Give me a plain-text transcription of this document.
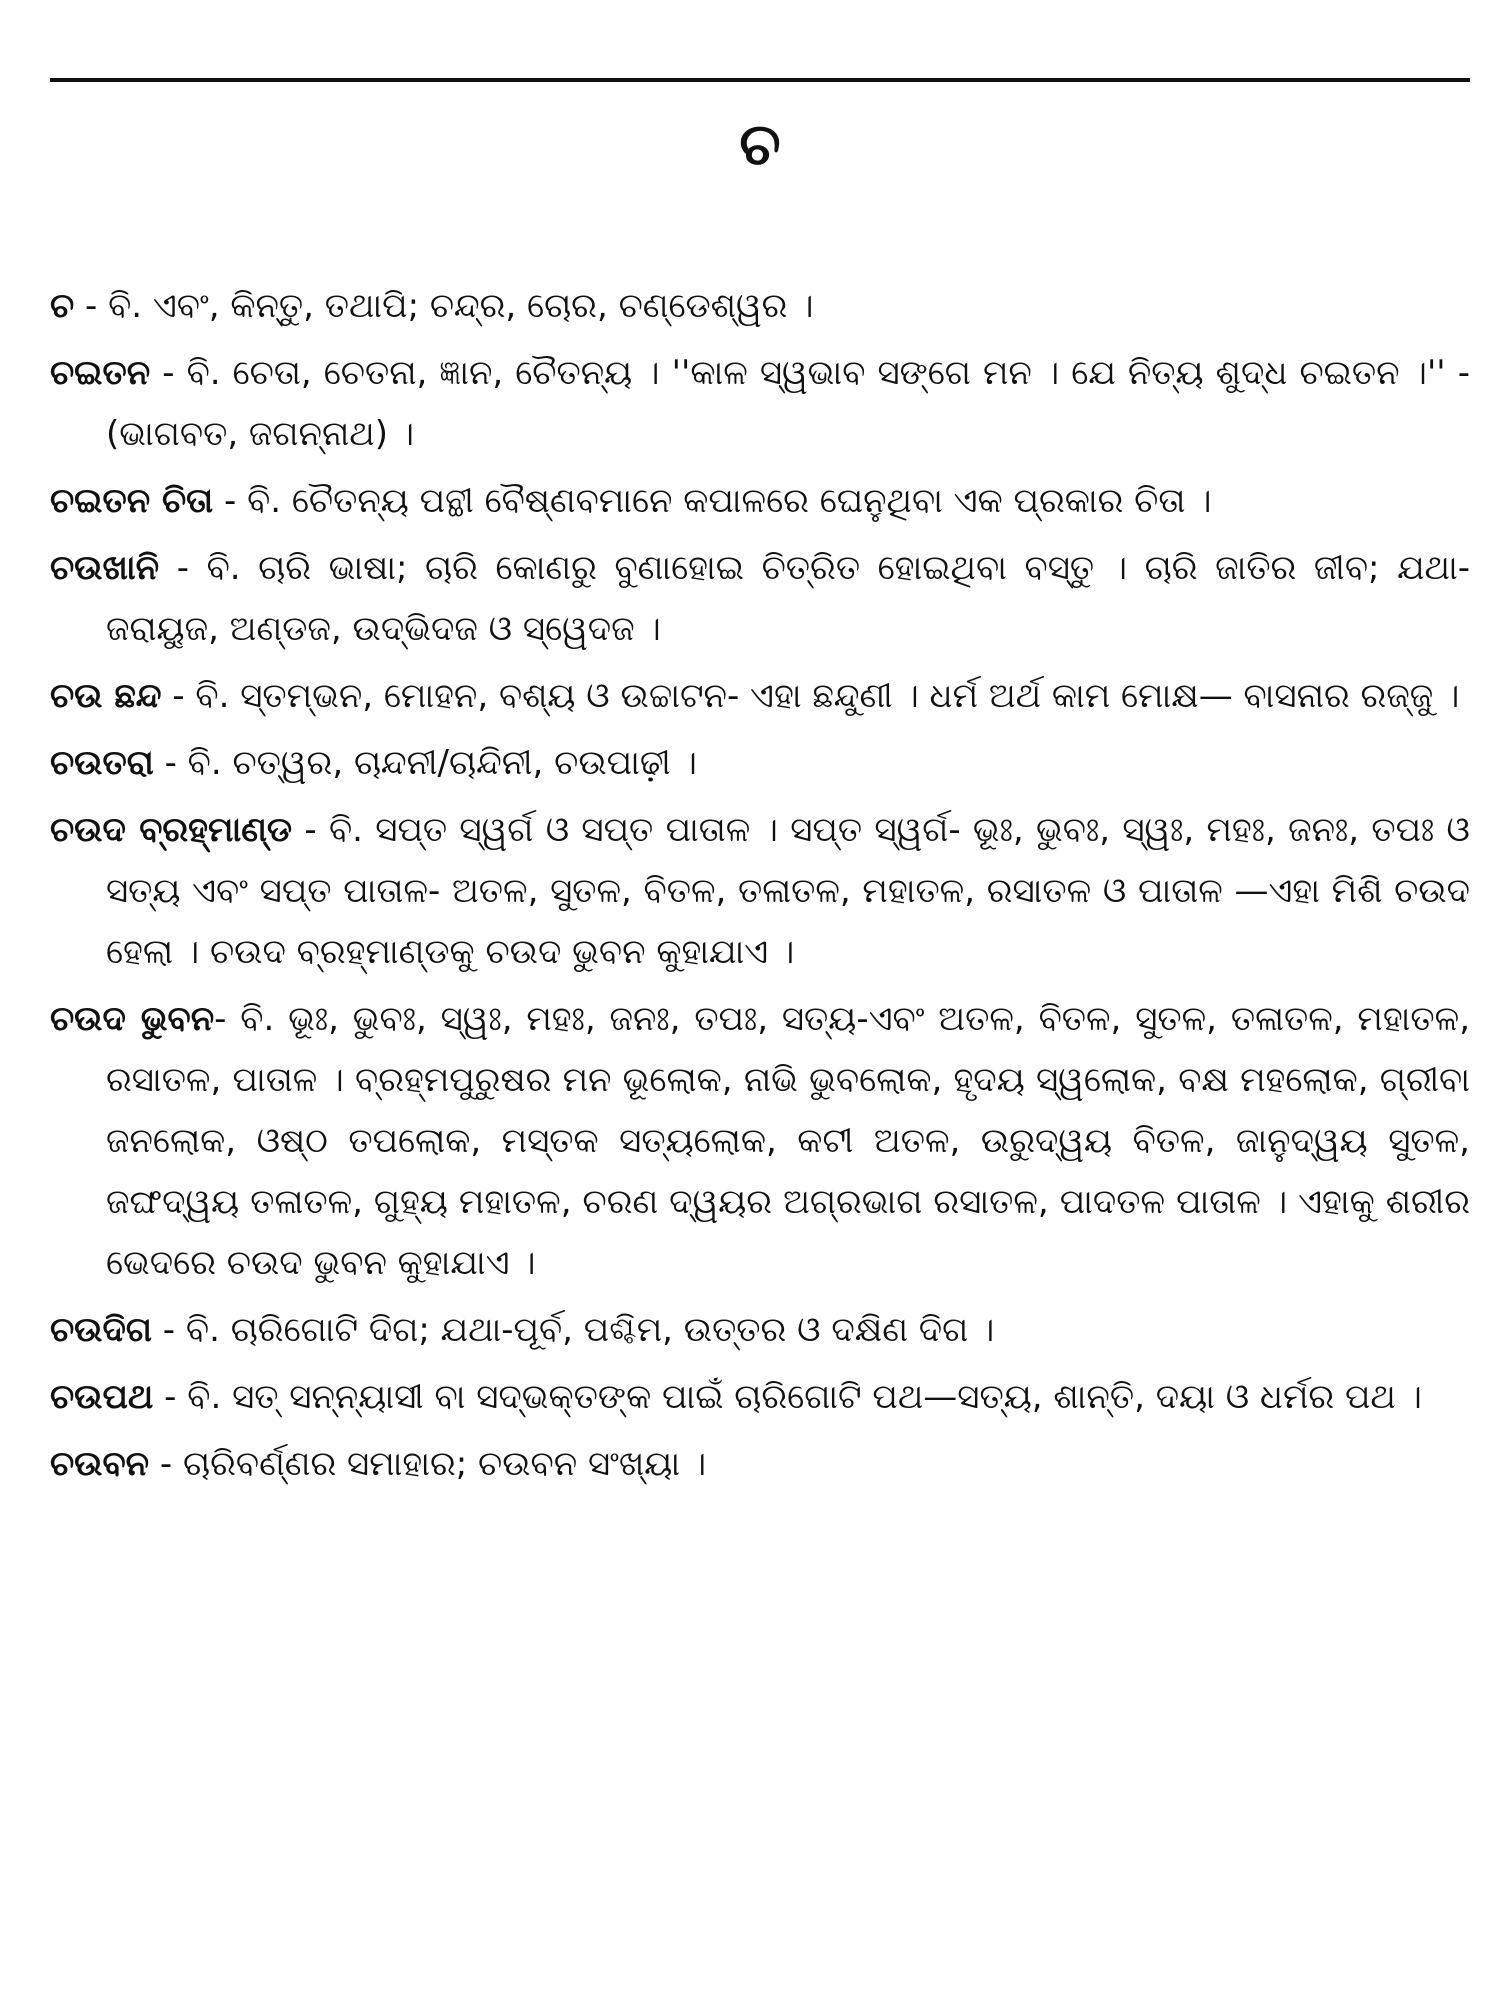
ଚ

ଚ - ବି. ଏବଂ, କିନ୍ତୁ, ତଥାପି; ଚନ୍ଦ୍ର, ଚୋର, ଚଣ୍ଡେଶ୍ୱର ।

ଚଇତନ - ବି. ଚେତା, ଚେତନା, ଜ୍ଞାନ, ଚୈତନ୍ୟ । ''କାଳ ସ୍ୱଭାବ ସଙ୍ଗେ ମନ । ଯେ ନିତ୍ୟ ଶୁଦ୍ଧ ଚଇତନ ।'' -(ଭାଗବତ, ଜଗନ୍ନାଥ) ।

ଚଇତନ ଚିତା - ବି. ଚୈତନ୍ୟ ପନ୍ଥୀ ବୈଷ୍ଣବମାନେ କପାଳରେ ଘେନୁଥିବା ଏକ ପ୍ରକାର ଚିତା ।

ଚଉଖାନି - ବି. ଚାରି ଭାଷା; ଚାରି କୋଣରୁ ବୁଣାହୋଇ ଚିତ୍ରିତ ହୋଇଥିବା ବସ୍ତୁ । ଚାରି ଜାତିର ଜୀବ; ଯଥା- ଜରାୟୁଜ, ଅଣ୍ଡଜ, ଉଦ୍ଭିଦଜ ଓ ସ୍ୱେଦଜ ।

ଚଉ ଛନ୍ଦ - ବି. ସ୍ତମ୍ଭନ, ମୋହନ, ବଶ୍ୟ ଓ ଉଚ୍ଚାଟନ- ଏହା ଛନ୍ଦୁଣୀ । ଧର୍ମ ଅର୍ଥ କାମ ମୋକ୍ଷ— ବାସନାର ରଜ୍ଜୁ ।

ଚଉତରା - ବି. ଚତ୍ୱର, ଚାନ୍ଦନୀ/ଚାନ୍ଦିନୀ, ଚଉପାଢ଼ୀ ।

ଚଉଦ ବ୍ରହ୍ମାଣ୍ଡ - ବି. ସପ୍ତ ସ୍ୱର୍ଗ ଓ ସପ୍ତ ପାତାଳ । ସପ୍ତ ସ୍ୱର୍ଗ- ଭୂଃ, ଭୁବଃ, ସ୍ୱଃ, ମହଃ, ଜନଃ, ତପଃ ଓ ସତ୍ୟ ଏବଂ ସପ୍ତ ପାତାଳ- ଅତଳ, ସୁତଳ, ବିତଳ, ତଳାତଳ, ମହାତଳ, ରସାତଳ ଓ ପାତାଳ —ଏହା ମିଶି ଚଉଦ ହେଲା । ଚଉଦ ବ୍ରହ୍ମାଣ୍ଡକୁ ଚଉଦ ଭୁବନ କୁହାଯାଏ ।

ଚଉଦ ଭୁବନ- ବି. ଭୂଃ, ଭୁବଃ, ସ୍ୱଃ, ମହଃ, ଜନଃ, ତପଃ, ସତ୍ୟ-ଏବଂ ଅତଳ, ବିତଳ, ସୁତଳ, ତଳାତଳ, ମହାତଳ, ରସାତଳ, ପାତାଳ । ବ୍ରହ୍ମପୁରୁଷର ମନ ଭୂଲୋକ, ନାଭି ଭୁବଲୋକ, ହୃଦୟ ସ୍ୱଲୋକ, ବକ୍ଷ ମହଲୋକ, ଗ୍ରୀବା ଜନଲୋକ, ଓଷ୍ଠ ତପଲୋକ, ମସ୍ତକ ସତ୍ୟଲୋକ, କଟୀ ଅତଳ, ଉରୁଦ୍ୱୟ ବିତଳ, ଜାନୁଦ୍ୱୟ ସୁତଳ, ଜଙ୍ଘଦ୍ୱୟ ତଳାତଳ, ଗୁହ୍ୟ ମହାତଳ, ଚରଣ ଦ୍ୱୟର ଅଗ୍ରଭାଗ ରସାତଳ, ପାଦତଳ ପାତାଳ । ଏହାକୁ ଶରୀର ଭେଦରେ ଚଉଦ ଭୁବନ କୁହାଯାଏ ।

ଚଉଦିଗ - ବି. ଚାରିଗୋଟି ଦିଗ; ଯଥା-ପୂର୍ବ, ପଶ୍ଚିମ, ଉତ୍ତର ଓ ଦକ୍ଷିଣ ଦିଗ ।

ଚଉପଥ - ବି. ସତ୍ ସନ୍ନ୍ୟାସୀ ବା ସଦ୍‌ଭକ୍ତଙ୍କ ପାଇଁ ଚାରିଗୋଟି ପଥ—ସତ୍ୟ, ଶାନ୍ତି, ଦୟା ଓ ଧର୍ମର ପଥ ।

ଚଉବନ - ଚାରିବର୍ଣ୍ଣର ସମାହାର; ଚଉବନ ସଂଖ୍ୟା ।
